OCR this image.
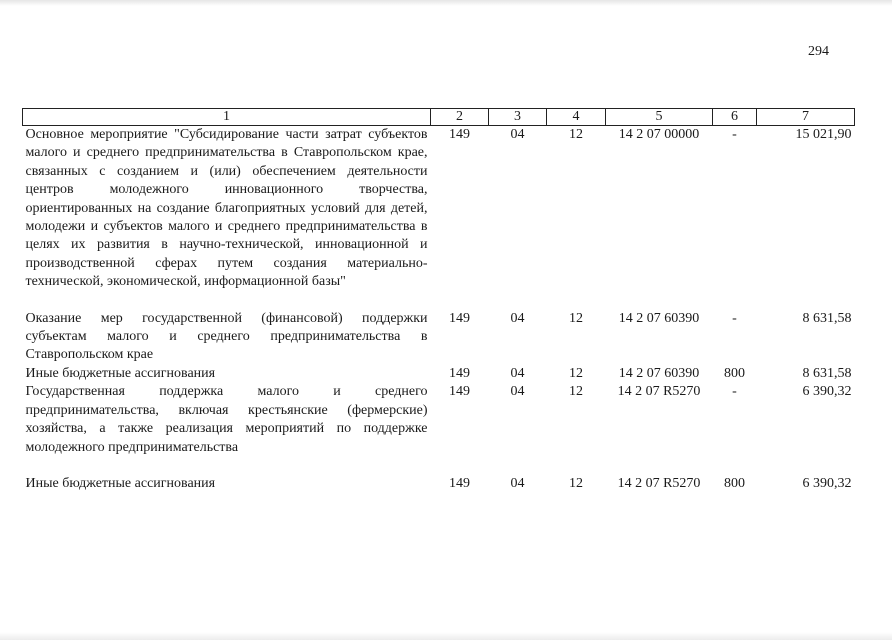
294
1	2	3	4	5	6	7
Основное мероприятие "Субсидирование части затрат субъектов малого и среднего предпринимательства в Ставропольском крае, связанных с созданием и (или) обеспечением деятельности центров молодежного инновационного творчества, ориентированных на создание благоприятных условий для детей, молодежи и субъектов малого и среднего предпринимательства в целях их развития в научно-технической, инновационной и производственной сферах путем создания материально-технической, экономической, информационной базы"	149	04	12	14 2 07 00000	-	15 021,90
Оказание мер государственной (финансовой) поддержки субъектам малого и среднего предпринимательства в Ставропольском крае	149	04	12	14 2 07 60390	-	8 631,58
Иные бюджетные ассигнования	149	04	12	14 2 07 60390	800	8 631,58
Государственная поддержка малого и среднего предпринимательства, включая крестьянские (фермерские) хозяйства, а также реализация мероприятий по поддержке молодежного предпринимательства	149	04	12	14 2 07 R5270	-	6 390,32
Иные бюджетные ассигнования	149	04	12	14 2 07 R5270	800	6 390,32
